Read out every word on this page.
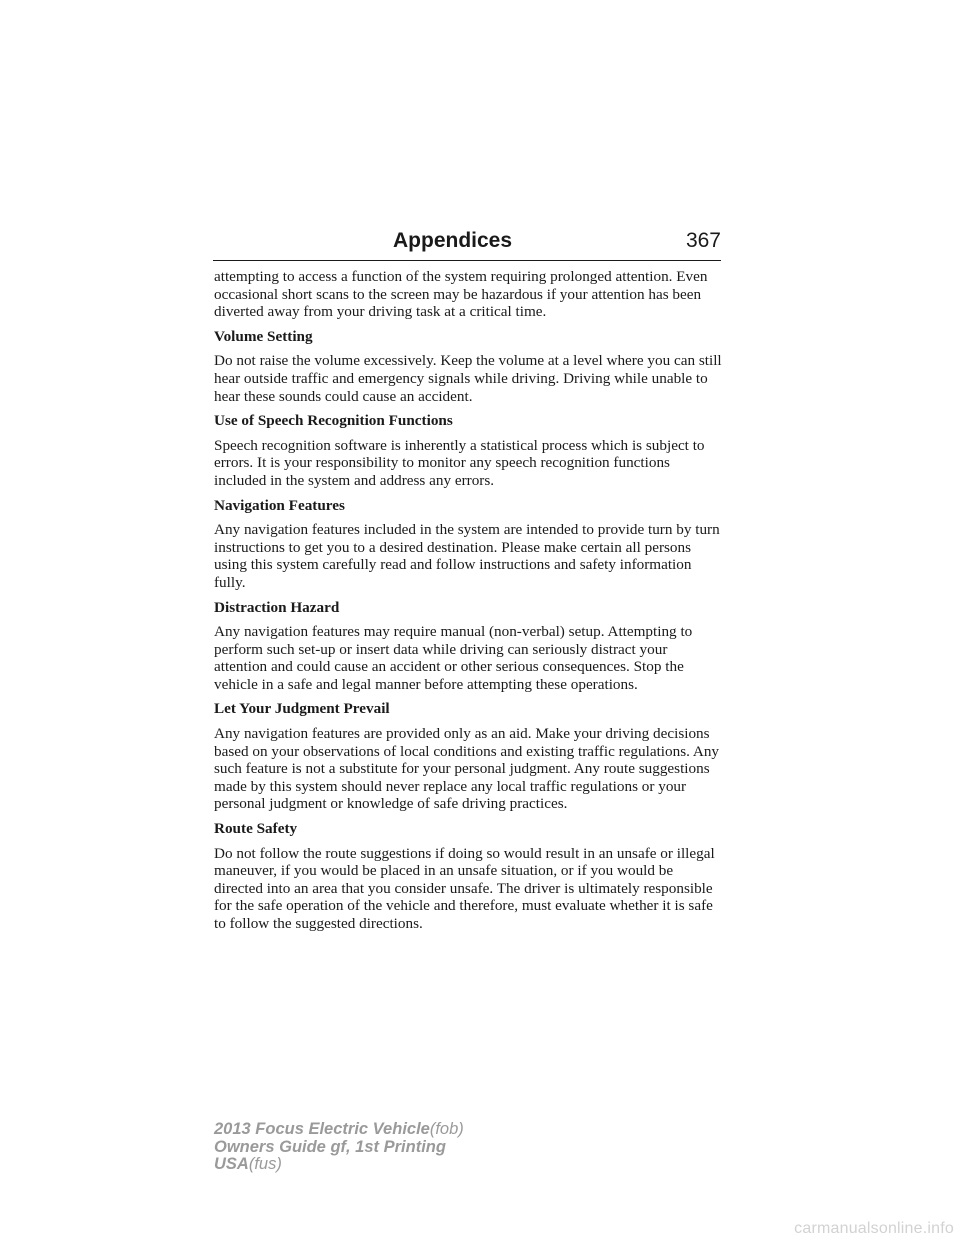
Appendices	367

attempting to access a function of the system requiring prolonged attention. Even occasional short scans to the screen may be hazardous if your attention has been diverted away from your driving task at a critical time.

Volume Setting

Do not raise the volume excessively. Keep the volume at a level where you can still hear outside traffic and emergency signals while driving. Driving while unable to hear these sounds could cause an accident.

Use of Speech Recognition Functions

Speech recognition software is inherently a statistical process which is subject to errors. It is your responsibility to monitor any speech recognition functions included in the system and address any errors.

Navigation Features

Any navigation features included in the system are intended to provide turn by turn instructions to get you to a desired destination. Please make certain all persons using this system carefully read and follow instructions and safety information fully.

Distraction Hazard

Any navigation features may require manual (non-verbal) setup. Attempting to perform such set-up or insert data while driving can seriously distract your attention and could cause an accident or other serious consequences. Stop the vehicle in a safe and legal manner before attempting these operations.

Let Your Judgment Prevail

Any navigation features are provided only as an aid. Make your driving decisions based on your observations of local conditions and existing traffic regulations. Any such feature is not a substitute for your personal judgment. Any route suggestions made by this system should never replace any local traffic regulations or your personal judgment or knowledge of safe driving practices.

Route Safety

Do not follow the route suggestions if doing so would result in an unsafe or illegal maneuver, if you would be placed in an unsafe situation, or if you would be directed into an area that you consider unsafe. The driver is ultimately responsible for the safe operation of the vehicle and therefore, must evaluate whether it is safe to follow the suggested directions.

2013 Focus Electric Vehicle(fob)
Owners Guide gf, 1st Printing
USA(fus)
carmanualsonline.info
